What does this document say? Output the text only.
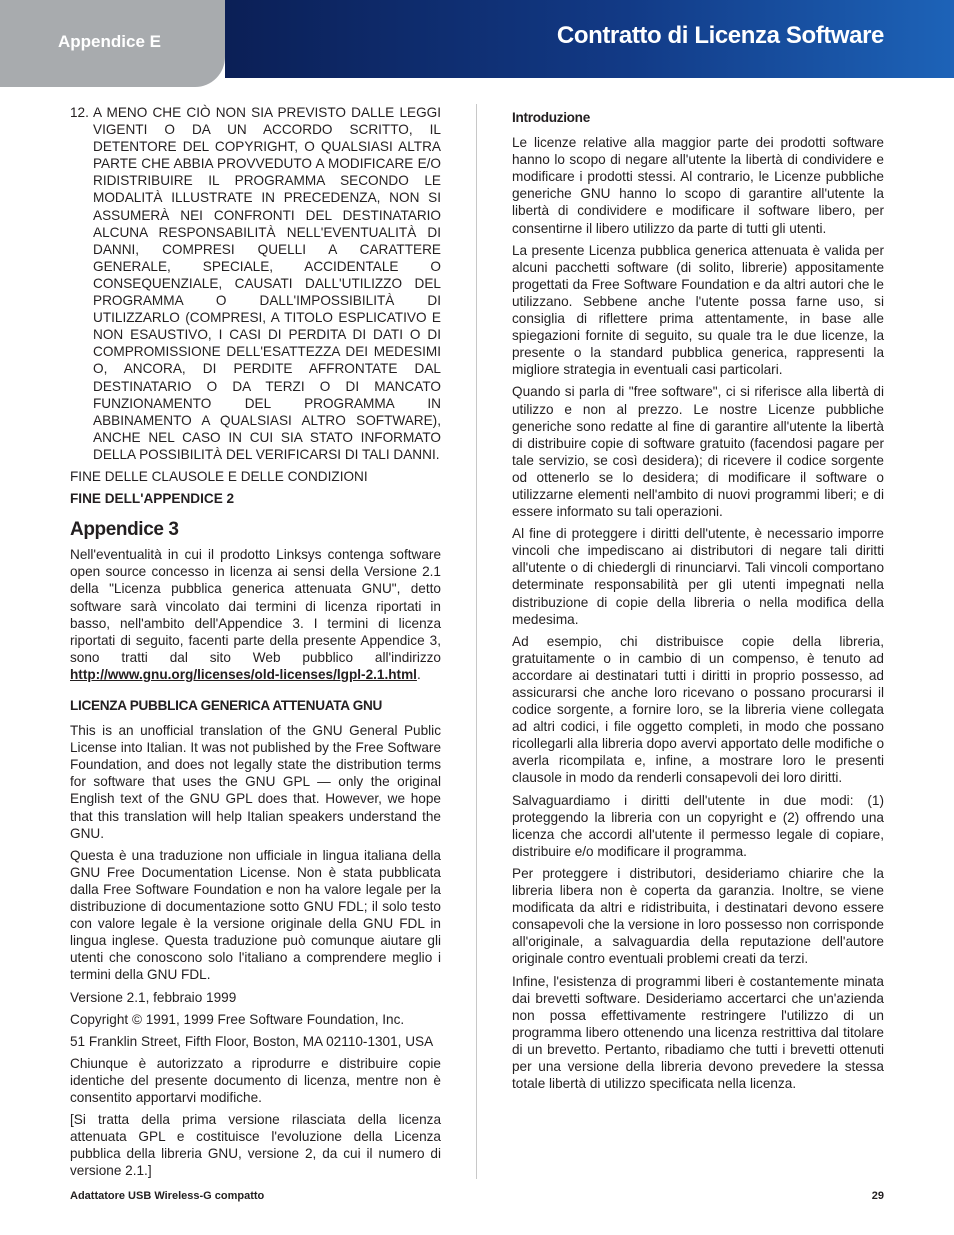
Appendice E	Contratto di Licenza Software
12. A MENO CHE CIÒ NON SIA PREVISTO DALLE LEGGI VIGENTI O DA UN ACCORDO SCRITTO, IL DETENTORE DEL COPYRIGHT, O QUALSIASI ALTRA PARTE CHE ABBIA PROVVEDUTO A MODIFICARE E/O RIDISTRIBUIRE IL PROGRAMMA SECONDO LE MODALITÀ ILLUSTRATE IN PRECEDENZA, NON SI ASSUMERÀ NEI CONFRONTI DEL DESTINATARIO ALCUNA RESPONSABILITÀ NELL'EVENTUALITÀ DI DANNI, COMPRESI QUELLI A CARATTERE GENERALE, SPECIALE, ACCIDENTALE O CONSEQUENZIALE, CAUSATI DALL'UTILIZZO DEL PROGRAMMA O DALL'IMPOSSIBILITÀ DI UTILIZZARLO (COMPRESI, A TITOLO ESPLICATIVO E NON ESAUSTIVO, I CASI DI PERDITA DI DATI O DI COMPROMISSIONE DELL'ESATTEZZA DEI MEDESIMI O, ANCORA, DI PERDITE AFFRONTATE DAL DESTINATARIO O DA TERZI O DI MANCATO FUNZIONAMENTO DEL PROGRAMMA IN ABBINAMENTO A QUALSIASI ALTRO SOFTWARE), ANCHE NEL CASO IN CUI SIA STATO INFORMATO DELLA POSSIBILITÀ DEL VERIFICARSI DI TALI DANNI.

FINE DELLE CLAUSOLE E DELLE CONDIZIONI

FINE DELL'APPENDICE 2

Appendice 3

Nell'eventualità in cui il prodotto Linksys contenga software open source concesso in licenza ai sensi della Versione 2.1 della "Licenza pubblica generica attenuata GNU", detto software sarà vincolato dai termini di licenza riportati in basso, nell'ambito dell'Appendice 3. I termini di licenza riportati di seguito, facenti parte della presente Appendice 3, sono tratti dal sito Web pubblico all'indirizzo http://www.gnu.org/licenses/old-licenses/lgpl-2.1.html.

LICENZA PUBBLICA GENERICA ATTENUATA GNU

This is an unofficial translation of the GNU General Public License into Italian. It was not published by the Free Software Foundation, and does not legally state the distribution terms for software that uses the GNU GPL — only the original English text of the GNU GPL does that. However, we hope that this translation will help Italian speakers understand the GNU.

Questa è una traduzione non ufficiale in lingua italiana della GNU Free Documentation License. Non è stata pubblicata dalla Free Software Foundation e non ha valore legale per la distribuzione di documentazione sotto GNU FDL; il solo testo con valore legale è la versione originale della GNU FDL in lingua inglese. Questa traduzione può comunque aiutare gli utenti che conoscono solo l'italiano a comprendere meglio i termini della GNU FDL.

Versione 2.1, febbraio 1999

Copyright © 1991, 1999 Free Software Foundation, Inc.

51 Franklin Street, Fifth Floor, Boston, MA 02110-1301, USA

Chiunque è autorizzato a riprodurre e distribuire copie identiche del presente documento di licenza, mentre non è consentito apportarvi modifiche.

[Si tratta della prima versione rilasciata della licenza attenuata GPL e costituisce l'evoluzione della Licenza pubblica della libreria GNU, versione 2, da cui il numero di versione 2.1.]

Introduzione

Le licenze relative alla maggior parte dei prodotti software hanno lo scopo di negare all'utente la libertà di condividere e modificare i prodotti stessi. Al contrario, le Licenze pubbliche generiche GNU hanno lo scopo di garantire all'utente la libertà di condividere e modificare il software libero, per consentirne il libero utilizzo da parte di tutti gli utenti.

La presente Licenza pubblica generica attenuata è valida per alcuni pacchetti software (di solito, librerie) appositamente progettati da Free Software Foundation e da altri autori che le utilizzano. Sebbene anche l'utente possa farne uso, si consiglia di riflettere prima attentamente, in base alle spiegazioni fornite di seguito, su quale tra le due licenze, la presente o la standard pubblica generica, rappresenti la migliore strategia in eventuali casi particolari.

Quando si parla di "free software", ci si riferisce alla libertà di utilizzo e non al prezzo. Le nostre Licenze pubbliche generiche sono redatte al fine di garantire all'utente la libertà di distribuire copie di software gratuito (facendosi pagare per tale servizio, se così desidera); di ricevere il codice sorgente od ottenerlo se lo desidera; di modificare il software o utilizzarne elementi nell'ambito di nuovi programmi liberi; e di essere informato su tali operazioni.

Al fine di proteggere i diritti dell'utente, è necessario imporre vincoli che impediscano ai distributori di negare tali diritti all'utente o di chiedergli di rinunciarvi. Tali vincoli comportano determinate responsabilità per gli utenti impegnati nella distribuzione di copie della libreria o nella modifica della medesima.

Ad esempio, chi distribuisce copie della libreria, gratuitamente o in cambio di un compenso, è tenuto ad accordare ai destinatari tutti i diritti in proprio possesso, ad assicurarsi che anche loro ricevano o possano procurarsi il codice sorgente, a fornire loro, se la libreria viene collegata ad altri codici, i file oggetto completi, in modo che possano ricollegarli alla libreria dopo avervi apportato delle modifiche o averla ricompilata e, infine, a mostrare loro le presenti clausole in modo da renderli consapevoli dei loro diritti.

Salvaguardiamo i diritti dell'utente in due modi: (1) proteggendo la libreria con un copyright e (2) offrendo una licenza che accordi all'utente il permesso legale di copiare, distribuire e/o modificare il programma.

Per proteggere i distributori, desideriamo chiarire che la libreria libera non è coperta da garanzia. Inoltre, se viene modificata da altri e ridistribuita, i destinatari devono essere consapevoli che la versione in loro possesso non corrisponde all'originale, a salvaguardia della reputazione dell'autore originale contro eventuali problemi creati da terzi.

Infine, l'esistenza di programmi liberi è costantemente minata dai brevetti software. Desideriamo accertarci che un'azienda non possa effettivamente restringere l'utilizzo di un programma libero ottenendo una licenza restrittiva dal titolare di un brevetto. Pertanto, ribadiamo che tutti i brevetti ottenuti per una versione della libreria devono prevedere la stessa totale libertà di utilizzo specificata nella licenza.

Adattatore USB Wireless-G compatto	29
